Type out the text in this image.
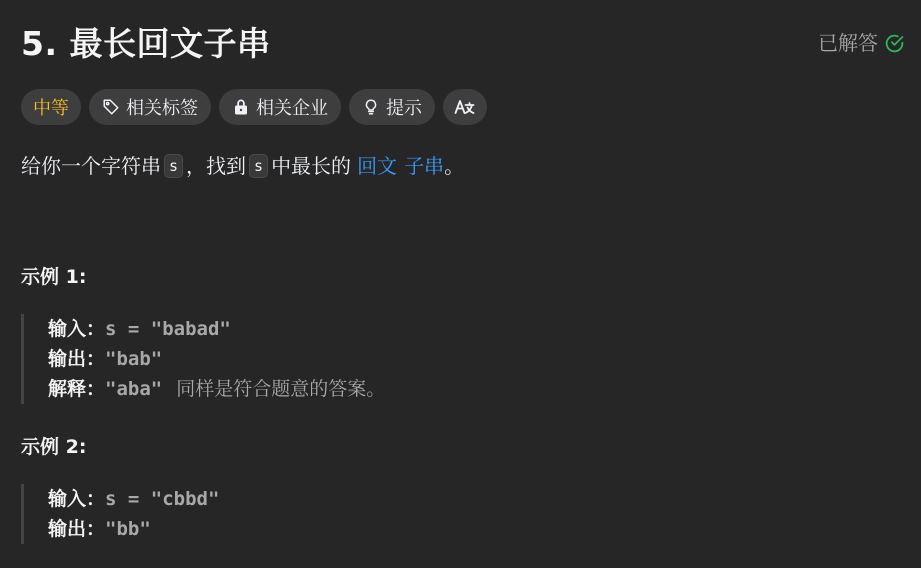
5. 最长回文子串	已解答
中等	相关标签	相关企业	提示
给你一个字符串 s ，找到 s 中最长的 回文 子串 。
示例 1:
输入： s = "babad"
输出： "bab"
解释： "aba" 同样是符合题意的答案。
示例 2:
输入： s = "cbbd"
输出： "bb"
